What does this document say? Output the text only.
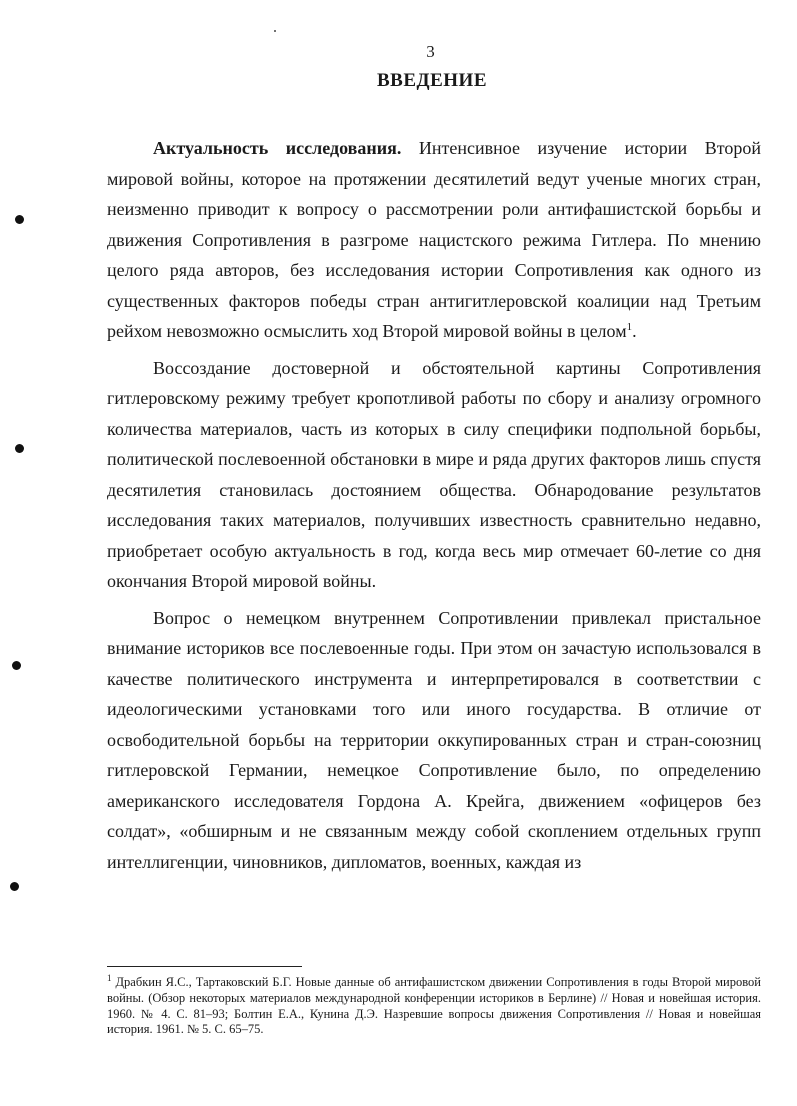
3
ВВЕДЕНИЕ

Актуальность исследования. Интенсивное изучение истории Второй мировой войны, которое на протяжении десятилетий ведут ученые многих стран, неизменно приводит к вопросу о рассмотрении роли антифашистской борьбы и движения Сопротивления в разгроме нацистского режима Гитлера. По мнению целого ряда авторов, без исследования истории Сопротивления как одного из существенных факторов победы стран антигитлеровской коалиции над Третьим рейхом невозможно осмыслить ход Второй мировой войны в целом$^1$.

Воссоздание достоверной и обстоятельной картины Сопротивления гитлеровскому режиму требует кропотливой работы по сбору и анализу огромного количества материалов, часть из которых в силу специфики подпольной борьбы, политической послевоенной обстановки в мире и ряда других факторов лишь спустя десятилетия становилась достоянием общества. Обнародование результатов исследования таких материалов, получивших известность сравнительно недавно, приобретает особую актуальность в год, когда весь мир отмечает 60-летие со дня окончания Второй мировой войны.

Вопрос о немецком внутреннем Сопротивлении привлекал пристальное внимание историков все послевоенные годы. При этом он зачастую использовался в качестве политического инструмента и интерпретировался в соответствии с идеологическими установками того или иного государства. В отличие от освободительной борьбы на территории оккупированных стран и стран-союзниц гитлеровской Германии, немецкое Сопротивление было, по определению американского исследователя Гордона А. Крейга, движением «офицеров без солдат», «обширным и не связанным между собой скоплением отдельных групп интеллигенции, чиновников, дипломатов, военных, каждая из

$^1$ Драбкин Я.С., Тартаковский Б.Г. Новые данные об антифашистском движении Сопротивления в годы Второй мировой войны. (Обзор некоторых материалов международной конференции историков в Берлине) // Новая и новейшая история. 1960. № 4. С. 81–93; Болтин Е.А., Кунина Д.Э. Назревшие вопросы движения Сопротивления // Новая и новейшая история. 1961. № 5. С. 65–75.
